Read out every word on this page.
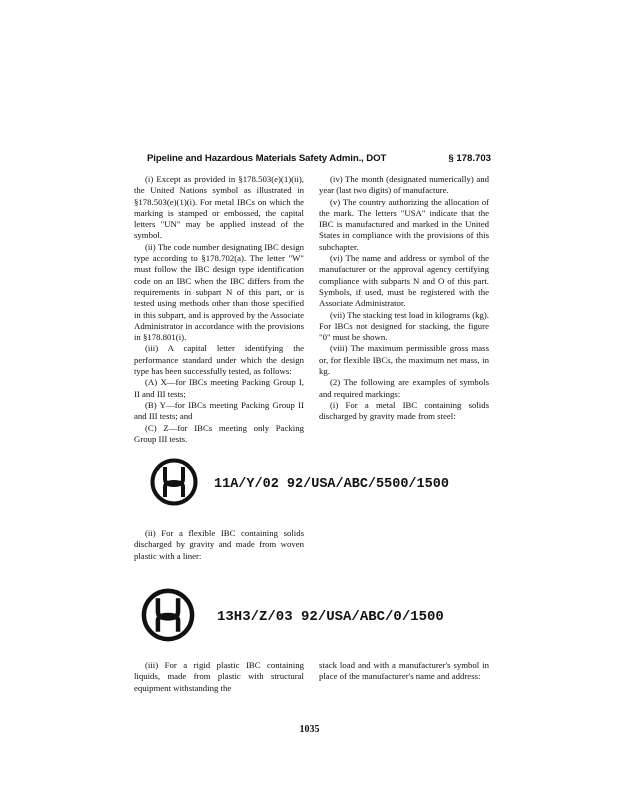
Pipeline and Hazardous Materials Safety Admin., DOT	§ 178.703

(i) Except as provided in §178.503(e)(1)(ii), the United Nations symbol as illustrated in §178.503(e)(1)(i). For metal IBCs on which the marking is stamped or embossed, the capital letters "UN" may be applied instead of the symbol.

(ii) The code number designating IBC design type according to §178.702(a). The letter "W" must follow the IBC design type identification code on an IBC when the IBC differs from the requirements in subpart N of this part, or is tested using methods other than those specified in this subpart, and is approved by the Associate Administrator in accordance with the provisions in §178.801(i).

(iii) A capital letter identifying the performance standard under which the design type has been successfully tested, as follows:

(A) X—for IBCs meeting Packing Group I, II and III tests;

(B) Y—for IBCs meeting Packing Group II and III tests; and

(C) Z—for IBCs meeting only Packing Group III tests.

(iv) The month (designated numerically) and year (last two digits) of manufacture.

(v) The country authorizing the allocation of the mark. The letters "USA" indicate that the IBC is manufactured and marked in the United States in compliance with the provisions of this subchapter.

(vi) The name and address or symbol of the manufacturer or the approval agency certifying compliance with subparts N and O of this part. Symbols, if used, must be registered with the Associate Administrator.

(vii) The stacking test load in kilograms (kg). For IBCs not designed for stacking, the figure "0" must be shown.

(viii) The maximum permissible gross mass or, for flexible IBCs, the maximum net mass, in kg.

(2) The following are examples of symbols and required markings:

(i) For a metal IBC containing solids discharged by gravity made from steel:

11A/Y/02 92/USA/ABC/5500/1500

(ii) For a flexible IBC containing solids discharged by gravity and made from woven plastic with a liner:

13H3/Z/03 92/USA/ABC/0/1500

(iii) For a rigid plastic IBC containing liquids, made from plastic with structural equipment withstanding the

stack load and with a manufacturer's symbol in place of the manufacturer's name and address:

1035
